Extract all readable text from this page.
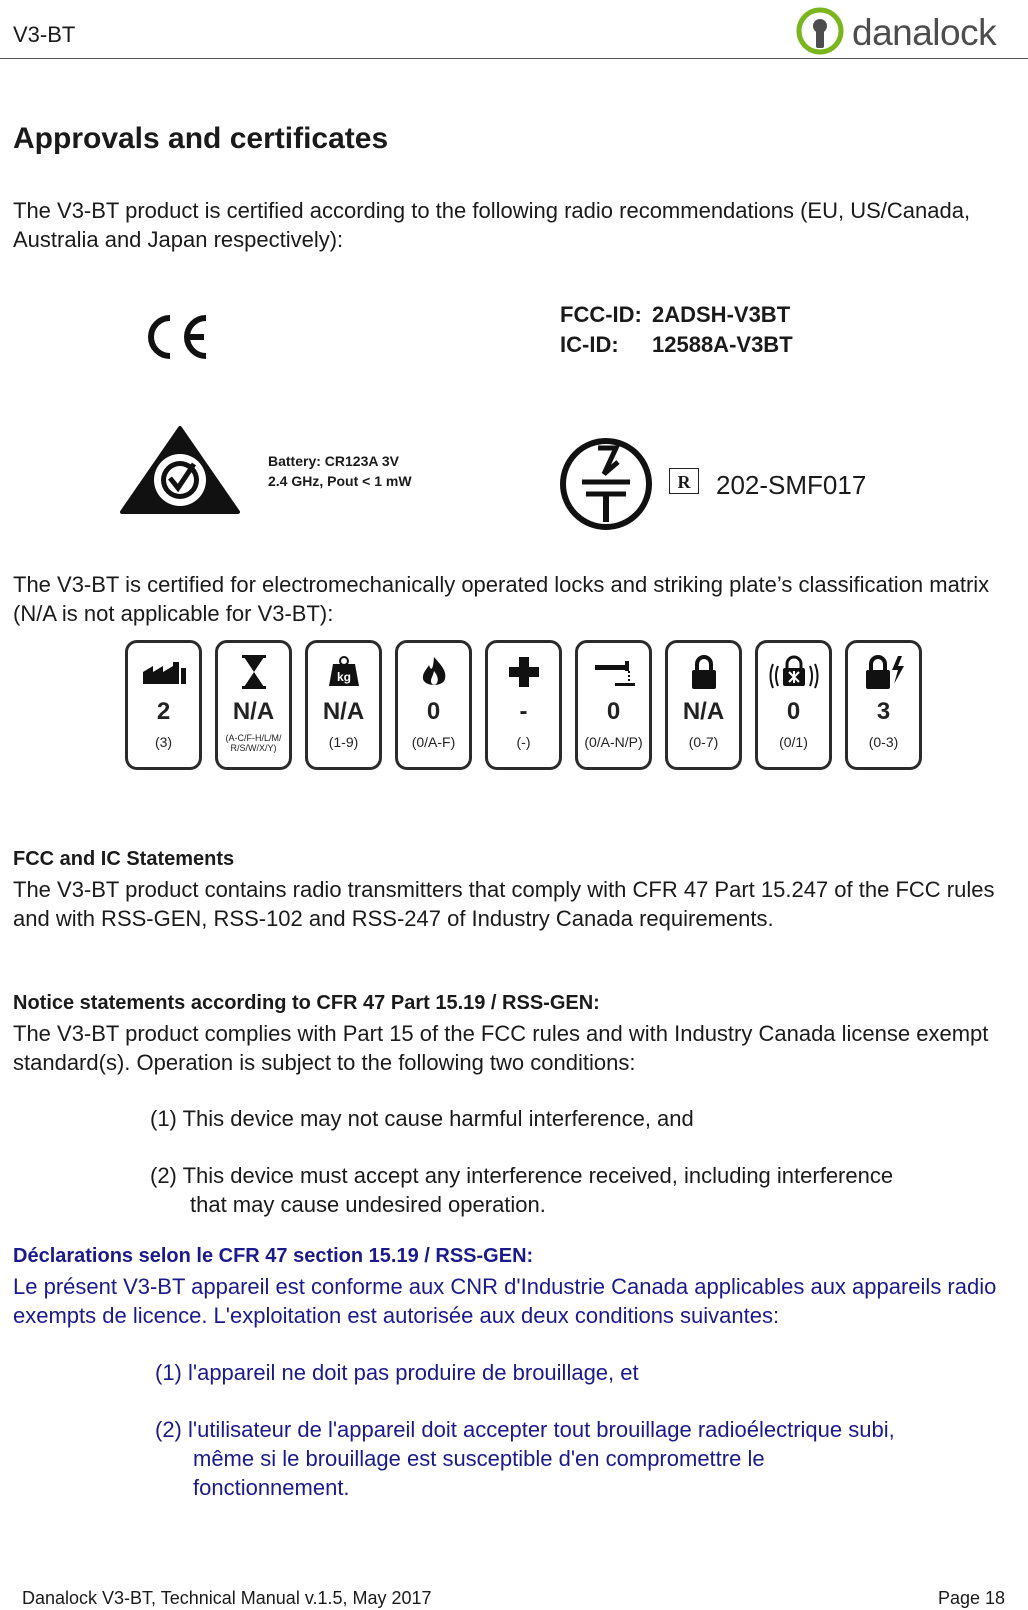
V3-BT	danalock
Approvals and certificates
The V3-BT product is certified according to the following radio recommendations (EU, US/Canada, Australia and Japan respectively):
FCC-ID: 2ADSH-V3BT
IC-ID: 12588A-V3BT
Battery: CR123A 3V
2.4 GHz, Pout < 1 mW	R 202-SMF017
The V3-BT is certified for electromechanically operated locks and striking plate’s classification matrix (N/A is not applicable for V3-BT):
2
(3)
N/A
(A-C/F-H/L/M/ R/S/W/X/Y)
kg
N/A
(1-9)
0
(0/A-F)
-
(-)
0
(0/A-N/P)
N/A
(0-7)
0
(0/1)
3
(0-3)
FCC and IC Statements
The V3-BT product contains radio transmitters that comply with CFR 47 Part 15.247 of the FCC rules and with RSS-GEN, RSS-102 and RSS-247 of Industry Canada requirements.
Notice statements according to CFR 47 Part 15.19 / RSS-GEN:
The V3-BT product complies with Part 15 of the FCC rules and with Industry Canada license exempt standard(s). Operation is subject to the following two conditions:
(1) This device may not cause harmful interference, and
(2) This device must accept any interference received, including interference
that may cause undesired operation.
Déclarations selon le CFR 47 section 15.19 / RSS-GEN:
Le présent V3-BT appareil est conforme aux CNR d'Industrie Canada applicables aux appareils radio exempts de licence. L'exploitation est autorisée aux deux conditions suivantes:
(1) l'appareil ne doit pas produire de brouillage, et
(2) l'utilisateur de l'appareil doit accepter tout brouillage radioélectrique subi,
même si le brouillage est susceptible d'en compromettre le
fonctionnement.
Danalock V3-BT, Technical Manual v.1.5, May 2017	Page 18
